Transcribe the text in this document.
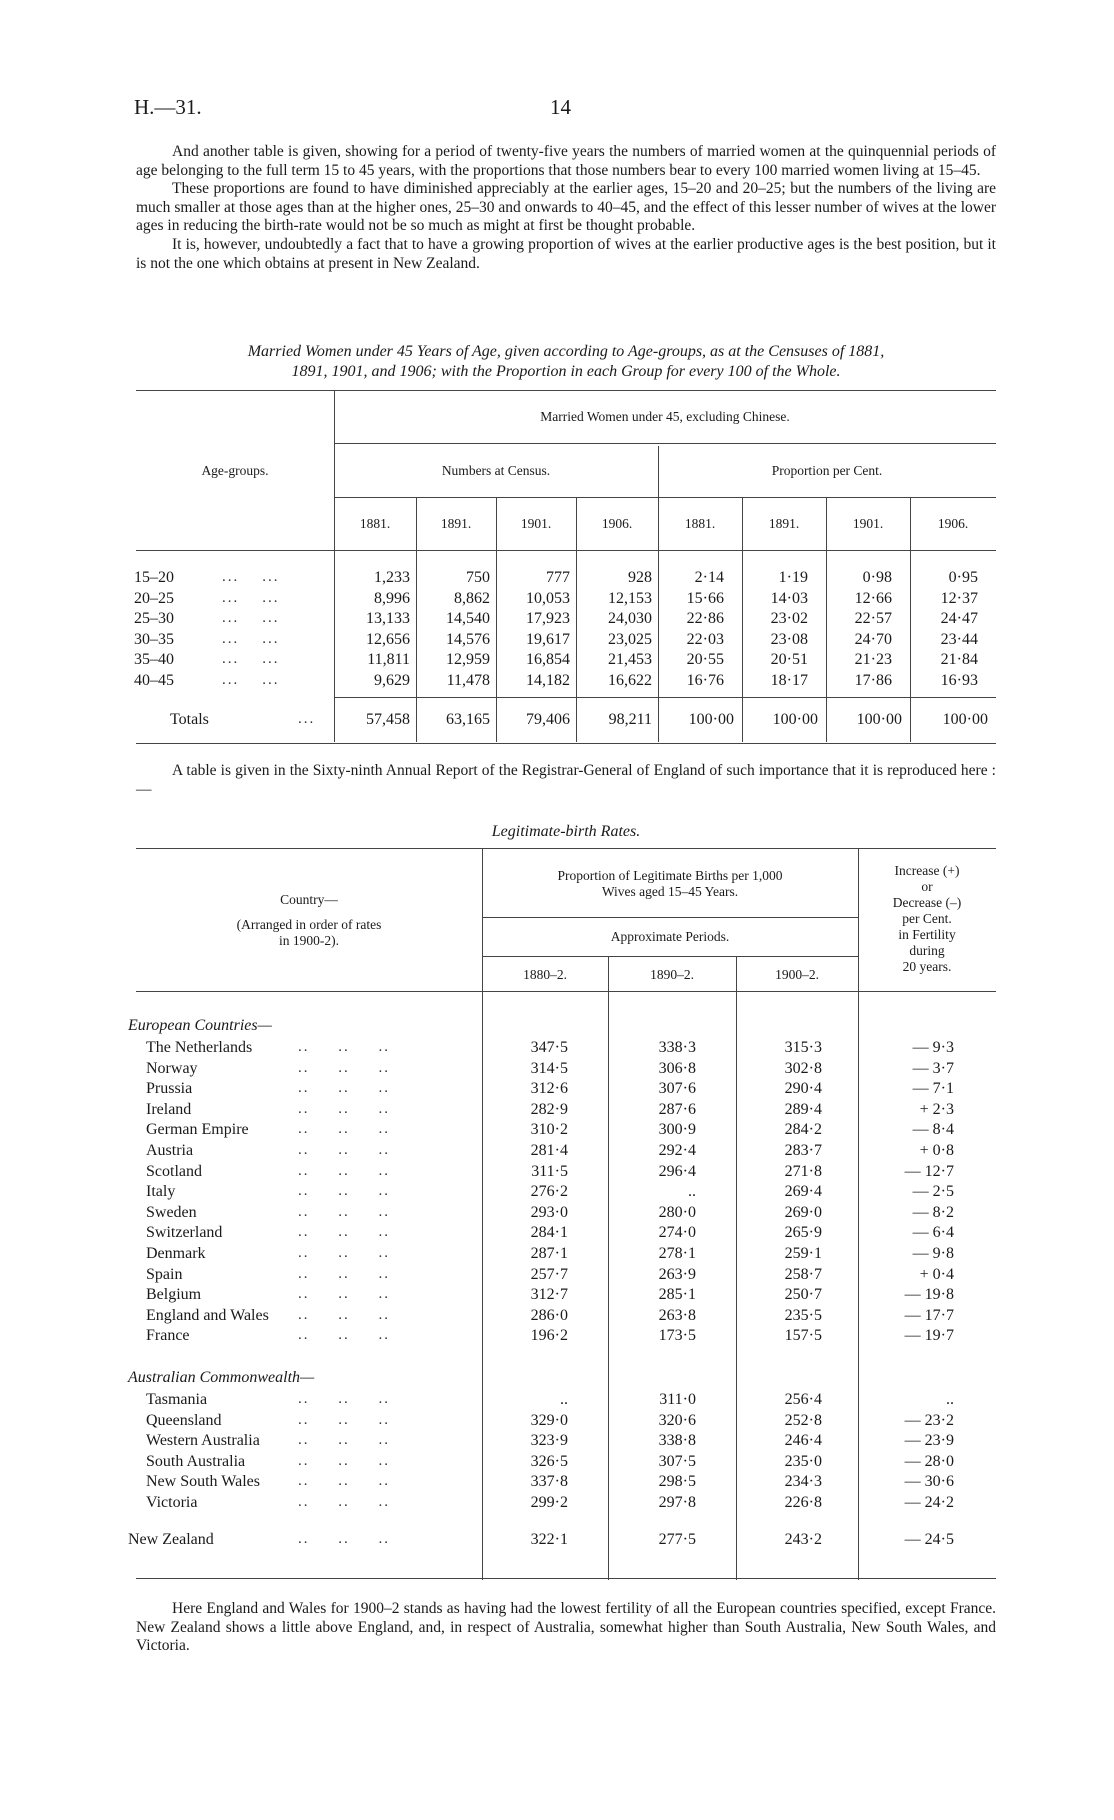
H.—31.	14

And another table is given, showing for a period of twenty-five years the numbers of married women at the quinquennial periods of age belonging to the full term 15 to 45 years, with the proportions that those numbers bear to every 100 married women living at 15–45.

These proportions are found to have diminished appreciably at the earlier ages, 15–20 and 20–25; but the numbers of the living are much smaller at those ages than at the higher ones, 25–30 and onwards to 40–45, and the effect of this lesser number of wives at the lower ages in reducing the birth-rate would not be so much as might at first be thought probable.

It is, however, undoubtedly a fact that to have a growing proportion of wives at the earlier productive ages is the best position, but it is not the one which obtains at present in New Zealand.

Married Women under 45 Years of Age, given according to Age-groups, as at the Censuses of 1881,
1891, 1901, and 1906; with the Proportion in each Group for every 100 of the Whole.
Married Women under 45, excluding Chinese.
Age-groups.	Numbers at Census.	Proportion per Cent.
1881.	1891.	1901.	1906.	1881.	1891.	1901.	1906.
15–20	...    ...	1,233	750	777	928	2·14	1·19	0·98	0·95
20–25	...    ...	8,996	8,862	10,053	12,153	15·66	14·03	12·66	12·37
25–30	...    ...	13,133	14,540	17,923	24,030	22·86	23·02	22·57	24·47
30–35	...    ...	12,656	14,576	19,617	23,025	22·03	23·08	24·70	23·44
35–40	...    ...	11,811	12,959	16,854	21,453	20·55	20·51	21·23	21·84
40–45	...    ...	9,629	11,478	14,182	16,622	16·76	18·17	17·86	16·93
Totals	...	57,458	63,165	79,406	98,211	100·00	100·00	100·00	100·00

A table is given in the Sixty-ninth Annual Report of the Registrar-General of England of such importance that it is reproduced here :—

Legitimate-birth Rates.
Country—
(Arranged in order of rates
in 1900-2).
Proportion of Legitimate Births per 1,000
Wives aged 15–45 Years.
Approximate Periods.
1880–2.	1890–2.	1900–2.
Increase (+)
or
Decrease (–)
per Cent.
in Fertility
during
20 years.
European Countries—
The Netherlands	..     ..     ..	347·5	338·3	315·3	— 9·3
Norway	..     ..     ..	314·5	306·8	302·8	— 3·7
Prussia	..     ..     ..	312·6	307·6	290·4	— 7·1
Ireland	..     ..     ..	282·9	287·6	289·4	+ 2·3
German Empire	..     ..     ..	310·2	300·9	284·2	— 8·4
Austria	..     ..     ..	281·4	292·4	283·7	+ 0·8
Scotland	..     ..     ..	311·5	296·4	271·8	— 12·7
Italy	..     ..     ..	276·2	..	269·4	— 2·5
Sweden	..     ..     ..	293·0	280·0	269·0	— 8·2
Switzerland	..     ..     ..	284·1	274·0	265·9	— 6·4
Denmark	..     ..     ..	287·1	278·1	259·1	— 9·8
Spain	..     ..     ..	257·7	263·9	258·7	+ 0·4
Belgium	..     ..     ..	312·7	285·1	250·7	— 19·8
England and Wales ..     ..     ..	286·0	263·8	235·5	— 17·7
France	..     ..     ..	196·2	173·5	157·5	— 19·7
Australian Commonwealth—
Tasmania	..     ..     ..	..	311·0	256·4	..
Queensland	..     ..     ..	329·0	320·6	252·8	— 23·2
Western Australia	..     ..     ..	323·9	338·8	246·4	— 23·9
South Australia	..     ..     ..	326·5	307·5	235·0	— 28·0
New South Wales	..     ..     ..	337·8	298·5	234·3	— 30·6
Victoria	..     ..     ..	299·2	297·8	226·8	— 24·2
New Zealand	..     ..     ..	322·1	277·5	243·2	— 24·5

Here England and Wales for 1900–2 stands as having had the lowest fertility of all the European countries specified, except France. New Zealand shows a little above England, and, in respect of Australia, somewhat higher than South Australia, New South Wales, and Victoria.
